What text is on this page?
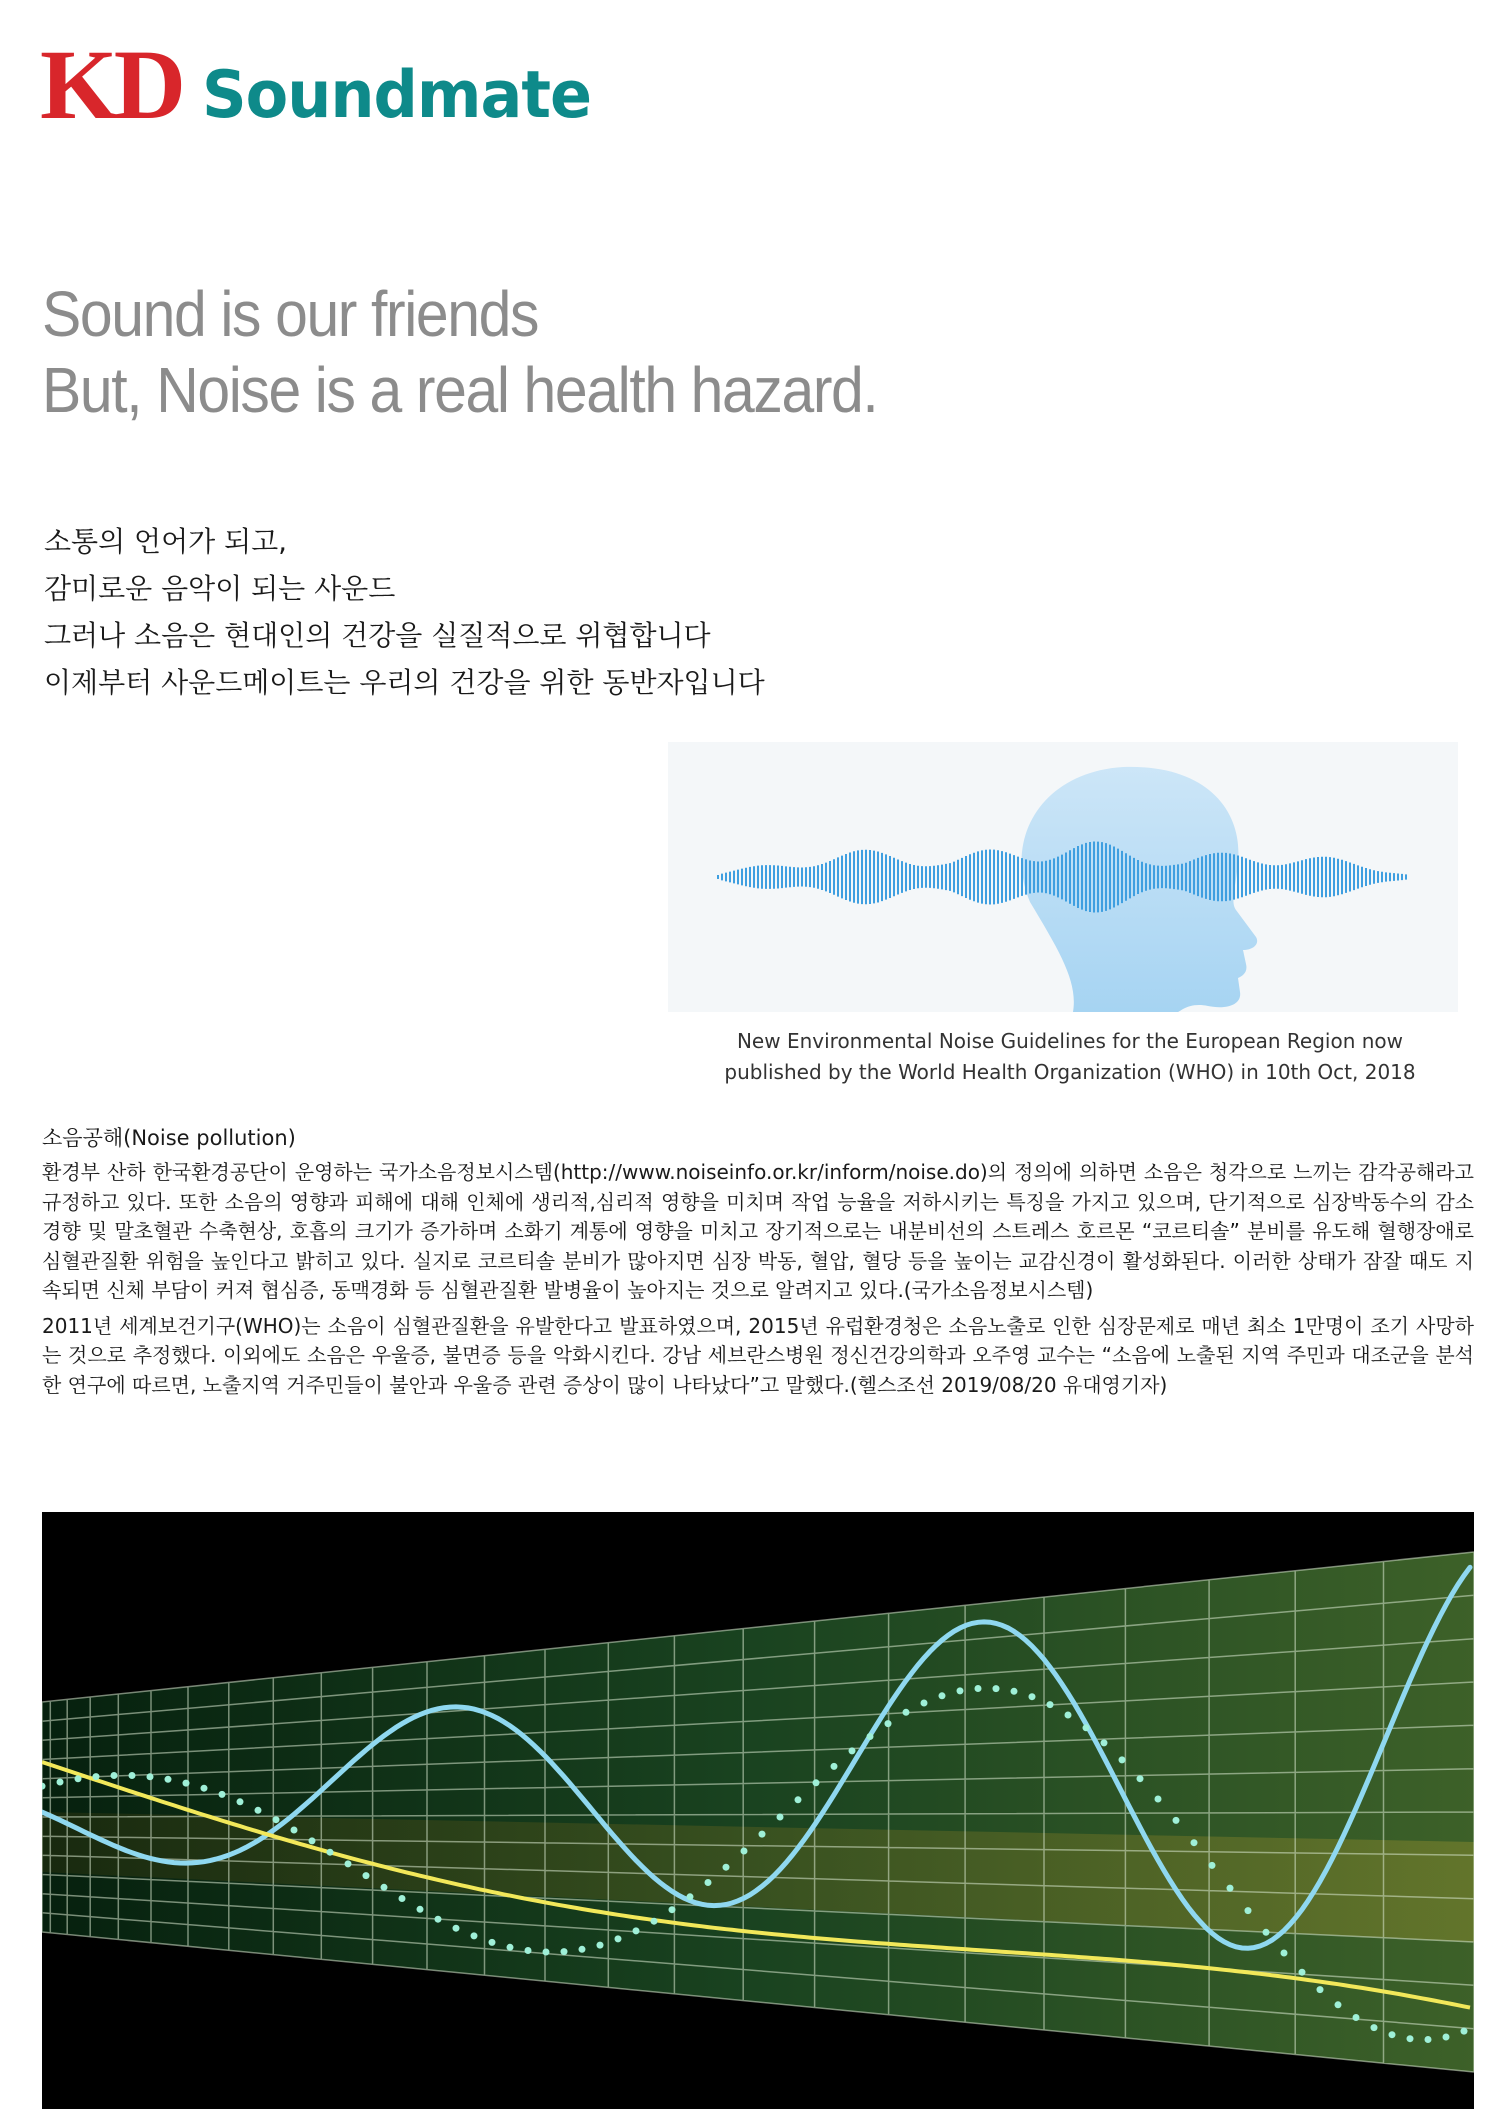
KD Soundmate
Sound is our friends
But, Noise is a real health hazard.
소통의 언어가 되고,
감미로운 음악이 되는 사운드
그러나 소음은 현대인의 건강을 실질적으로 위협합니다
이제부터 사운드메이트는 우리의 건강을 위한 동반자입니다
New Environmental Noise Guidelines for the European Region now
published by the World Health Organization (WHO) in 10th Oct, 2018
소음공해(Noise pollution)

환경부 산하 한국환경공단이 운영하는 국가소음정보시스템(http://www.noiseinfo.or.kr/inform/noise.do)의 정의에 의하면 소음은 청각으로 느끼는 감각공해라고 규정하고 있다. 또한 소음의 영향과 피해에 대해 인체에 생리적,심리적 영향을 미치며 작업 능율을 저하시키는 특징을 가지고 있으며, 단기적으로 심장박동수의 감소경향 및 말초혈관 수축현상, 호흡의 크기가 증가하며 소화기 계통에 영향을 미치고 장기적으로는 내분비선의 스트레스 호르몬 “코르티솔” 분비를 유도해 혈행장애로 심혈관질환 위험을 높인다고 밝히고 있다. 실지로 코르티솔 분비가 많아지면 심장 박동, 혈압, 혈당 등을 높이는 교감신경이 활성화된다. 이러한 상태가 잠잘 때도 지속되면 신체 부담이 커져 협심증, 동맥경화 등 심혈관질환 발병율이 높아지는 것으로 알려지고 있다.(국가소음정보시스템)

2011년 세계보건기구(WHO)는 소음이 심혈관질환을 유발한다고 발표하였으며, 2015년 유럽환경청은 소음노출로 인한 심장문제로 매년 최소 1만명이 조기 사망하는 것으로 추정했다. 이외에도 소음은 우울증, 불면증 등을 악화시킨다. 강남 세브란스병원 정신건강의학과 오주영 교수는 “소음에 노출된 지역 주민과 대조군을 분석한 연구에 따르면, 노출지역 거주민들이 불안과 우울증 관련 증상이 많이 나타났다”고 말했다.(헬스조선 2019/08/20 유대영기자)
